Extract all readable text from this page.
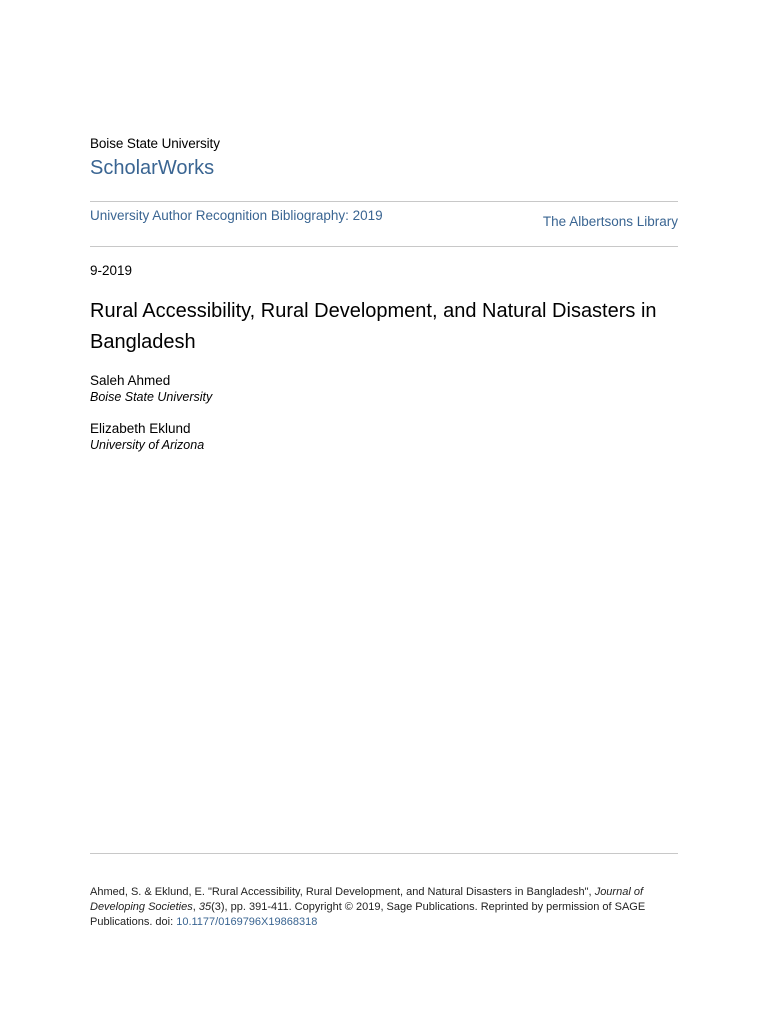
Boise State University
ScholarWorks
University Author Recognition Bibliography: 2019	The Albertsons Library
9-2019
Rural Accessibility, Rural Development, and Natural Disasters in Bangladesh
Saleh Ahmed
Boise State University
Elizabeth Eklund
University of Arizona
Ahmed, S. & Eklund, E. "Rural Accessibility, Rural Development, and Natural Disasters in Bangladesh", Journal of Developing Societies, 35(3), pp. 391-411. Copyright © 2019, Sage Publications. Reprinted by permission of SAGE Publications. doi: 10.1177/0169796X19868318
